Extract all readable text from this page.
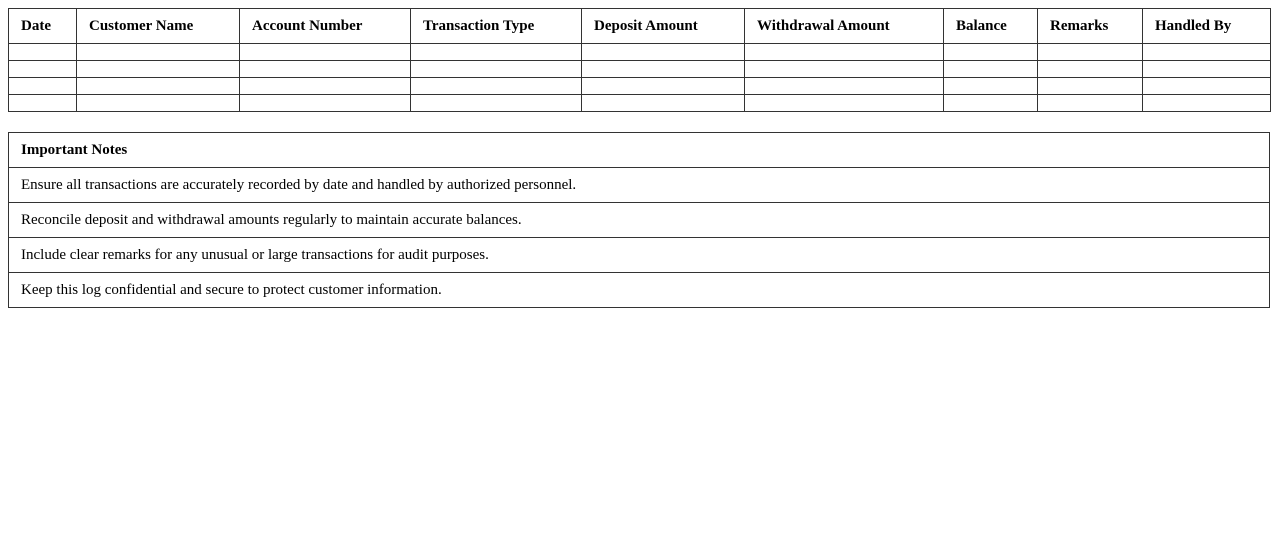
Date	Customer Name	Account Number	Transaction Type	Deposit Amount	Withdrawal Amount	Balance	Remarks	Handled By

Important Notes
Ensure all transactions are accurately recorded by date and handled by authorized personnel.
Reconcile deposit and withdrawal amounts regularly to maintain accurate balances.
Include clear remarks for any unusual or large transactions for audit purposes.
Keep this log confidential and secure to protect customer information.
